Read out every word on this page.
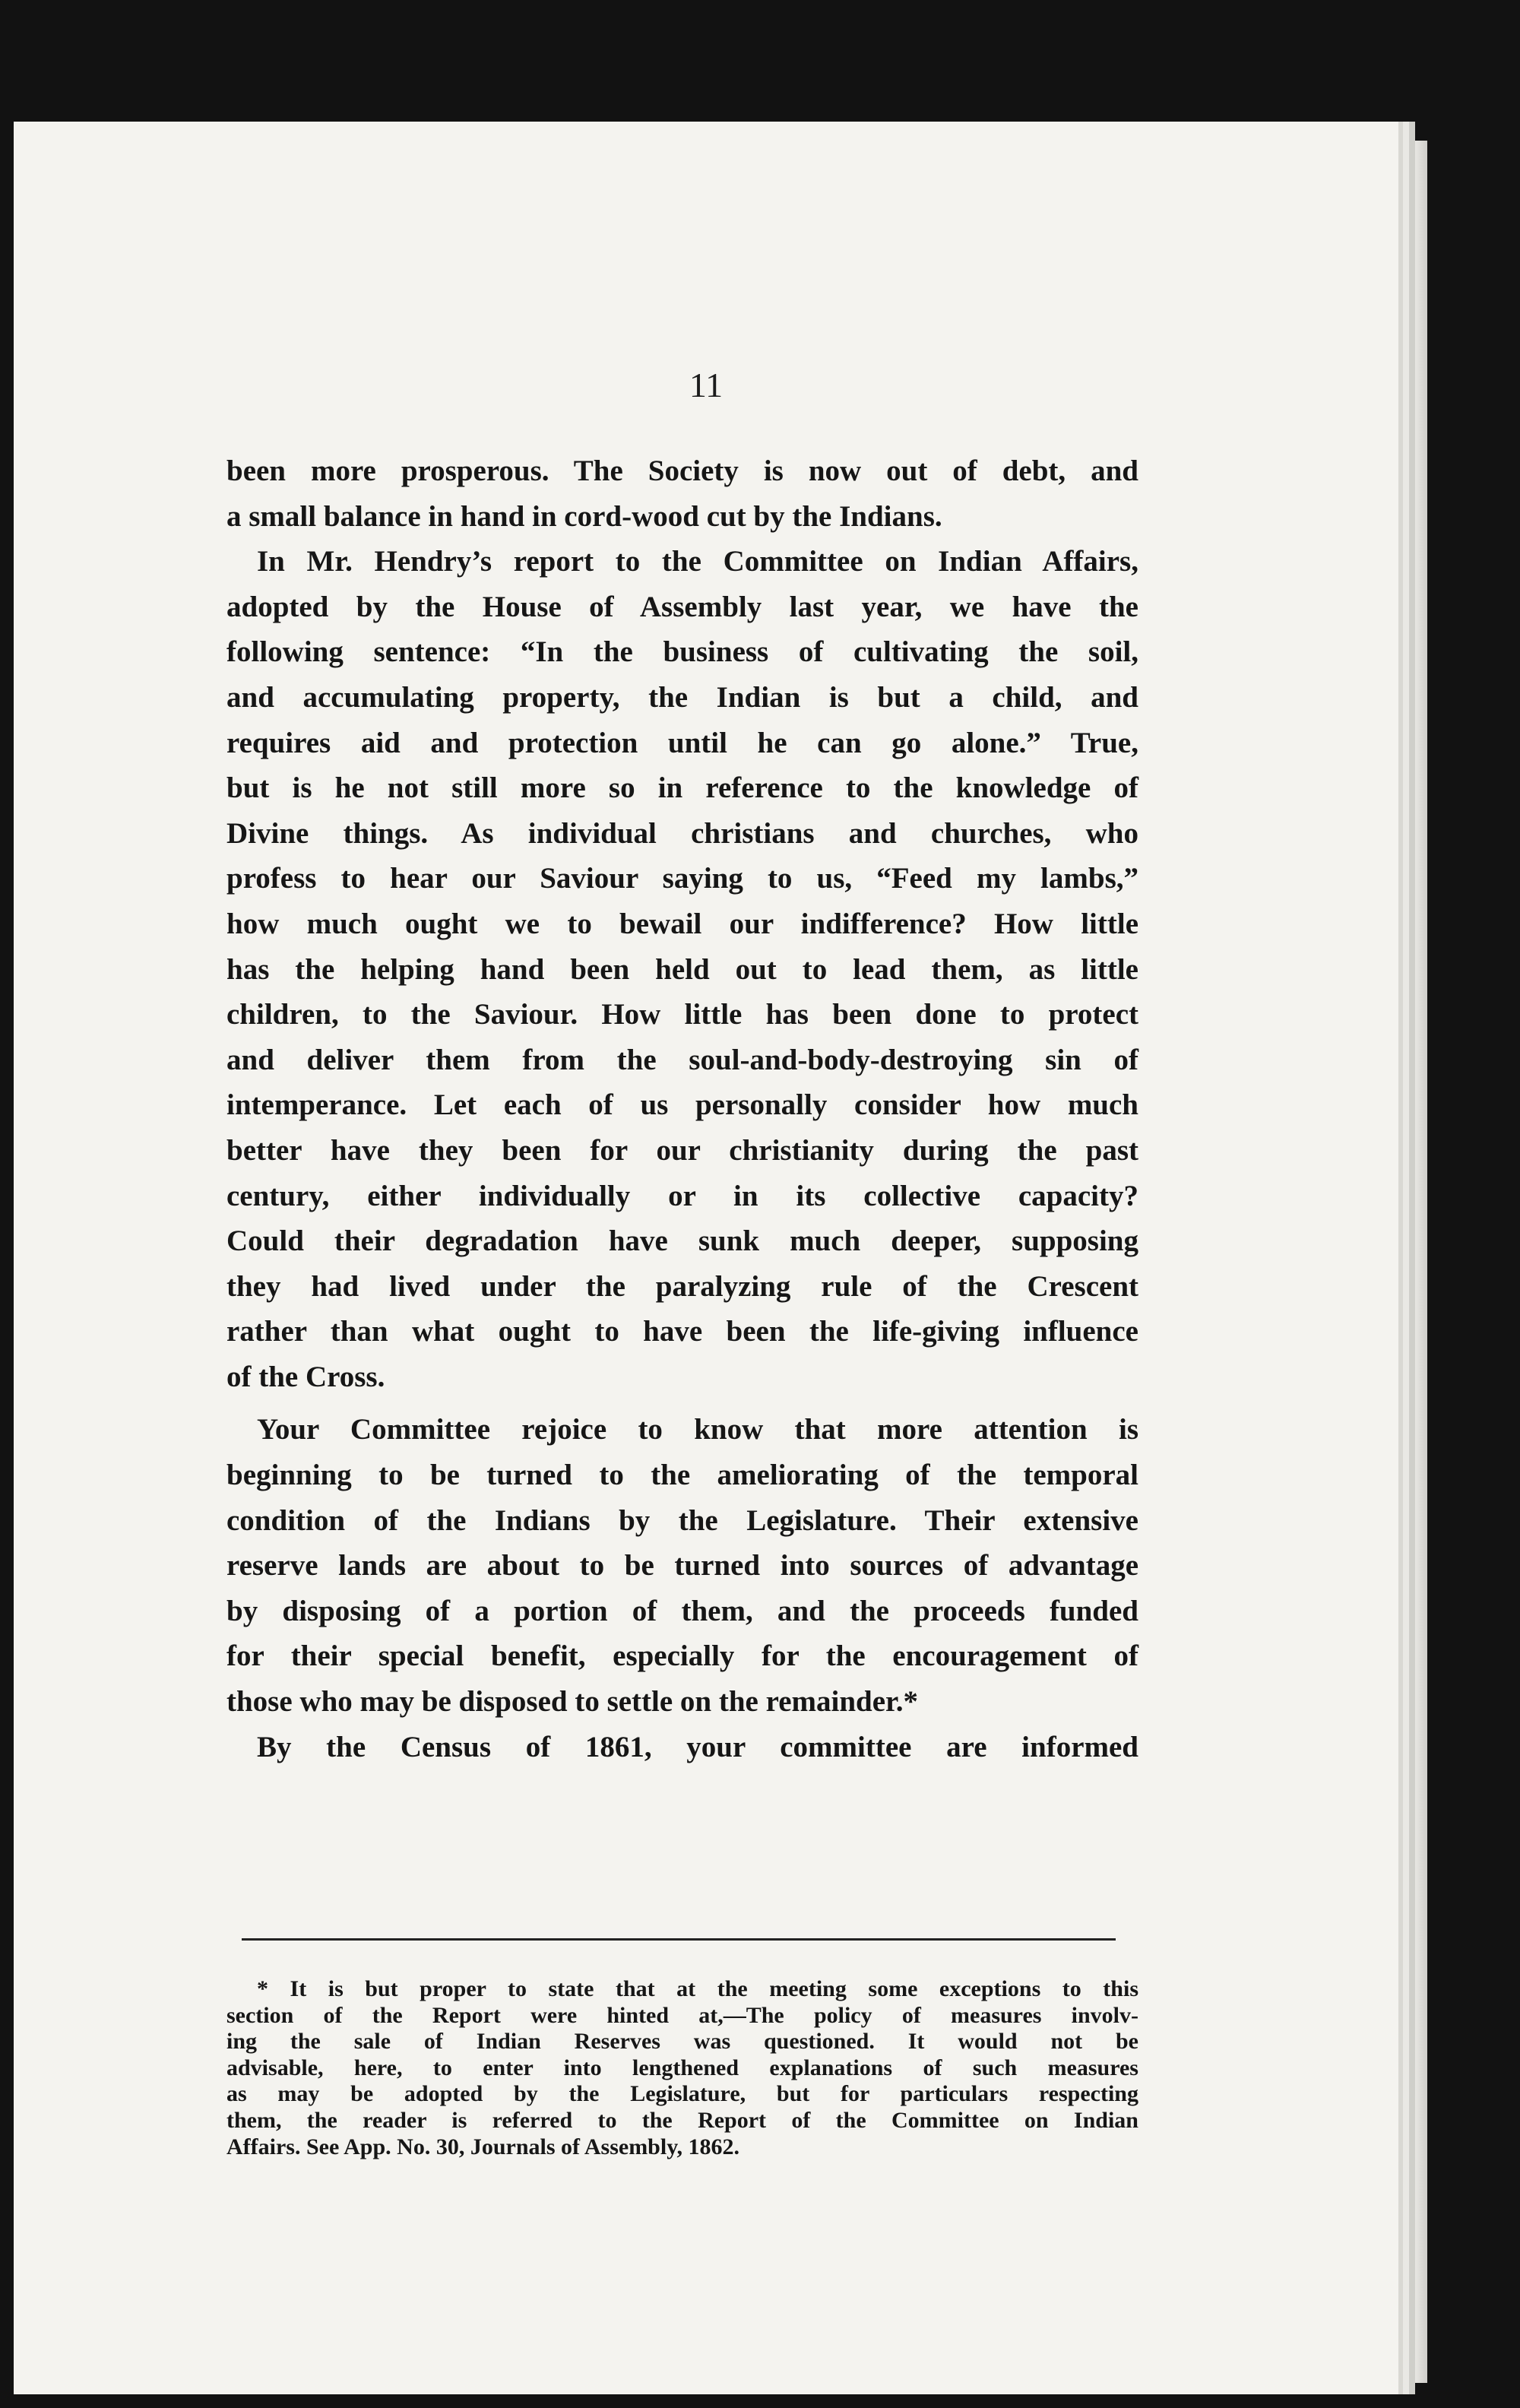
11
been more prosperous. The Society is now out of debt, and
a small balance in hand in cord-wood cut by the Indians.
In Mr. Hendry’s report to the Committee on Indian Affairs,
adopted by the House of Assembly last year, we have the
following sentence: “In the business of cultivating the soil,
and accumulating property, the Indian is but a child, and
requires aid and protection until he can go alone.” True,
but is he not still more so in reference to the knowledge of
Divine things. As individual christians and churches, who
profess to hear our Saviour saying to us, “Feed my lambs,”
how much ought we to bewail our indifference? How little
has the helping hand been held out to lead them, as little
children, to the Saviour. How little has been done to protect
and deliver them from the soul-and-body-destroying sin of
intemperance. Let each of us personally consider how much
better have they been for our christianity during the past
century, either individually or in its collective capacity?
Could their degradation have sunk much deeper, supposing
they had lived under the paralyzing rule of the Crescent
rather than what ought to have been the life-giving influence
of the Cross.
Your Committee rejoice to know that more attention is
beginning to be turned to the ameliorating of the temporal
condition of the Indians by the Legislature. Their extensive
reserve lands are about to be turned into sources of advantage
by disposing of a portion of them, and the proceeds funded
for their special benefit, especially for the encouragement of
those who may be disposed to settle on the remainder.*
By the Census of 1861, your committee are informed
* It is but proper to state that at the meeting some exceptions to this
section of the Report were hinted at,—The policy of measures involv-
ing the sale of Indian Reserves was questioned. It would not be
advisable, here, to enter into lengthened explanations of such measures
as may be adopted by the Legislature, but for particulars respecting
them, the reader is referred to the Report of the Committee on Indian
Affairs. See App. No. 30, Journals of Assembly, 1862.
